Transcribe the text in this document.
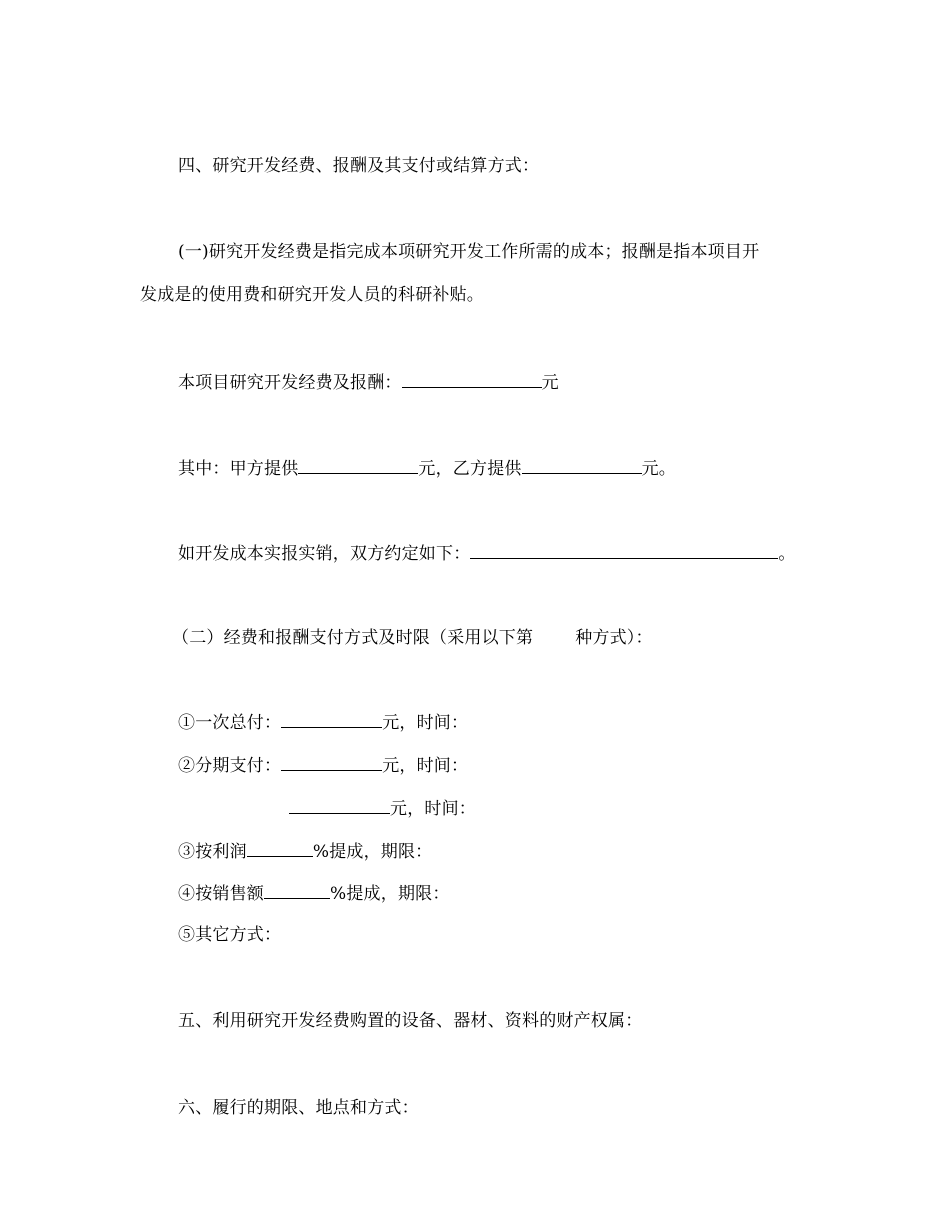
四、研究开发经费、报酬及其支付或结算方式：
(一)研究开发经费是指完成本项研究开发工作所需的成本；报酬是指本项目开
发成是的使用费和研究开发人员的科研补贴。
本项目研究开发经费及报酬：	元
其中：甲方提供	元，乙方提供	元。
如开发成本实报实销，双方约定如下：	。
（二）经费和报酬支付方式及时限（采用以下第 种方式）：
①一次总付：	元，时间：
②分期支付：	元，时间：
元，时间：
③按利润	%提成，期限：
④按销售额	%提成，期限：
⑤其它方式：
五、利用研究开发经费购置的设备、器材、资料的财产权属：
六、履行的期限、地点和方式：
